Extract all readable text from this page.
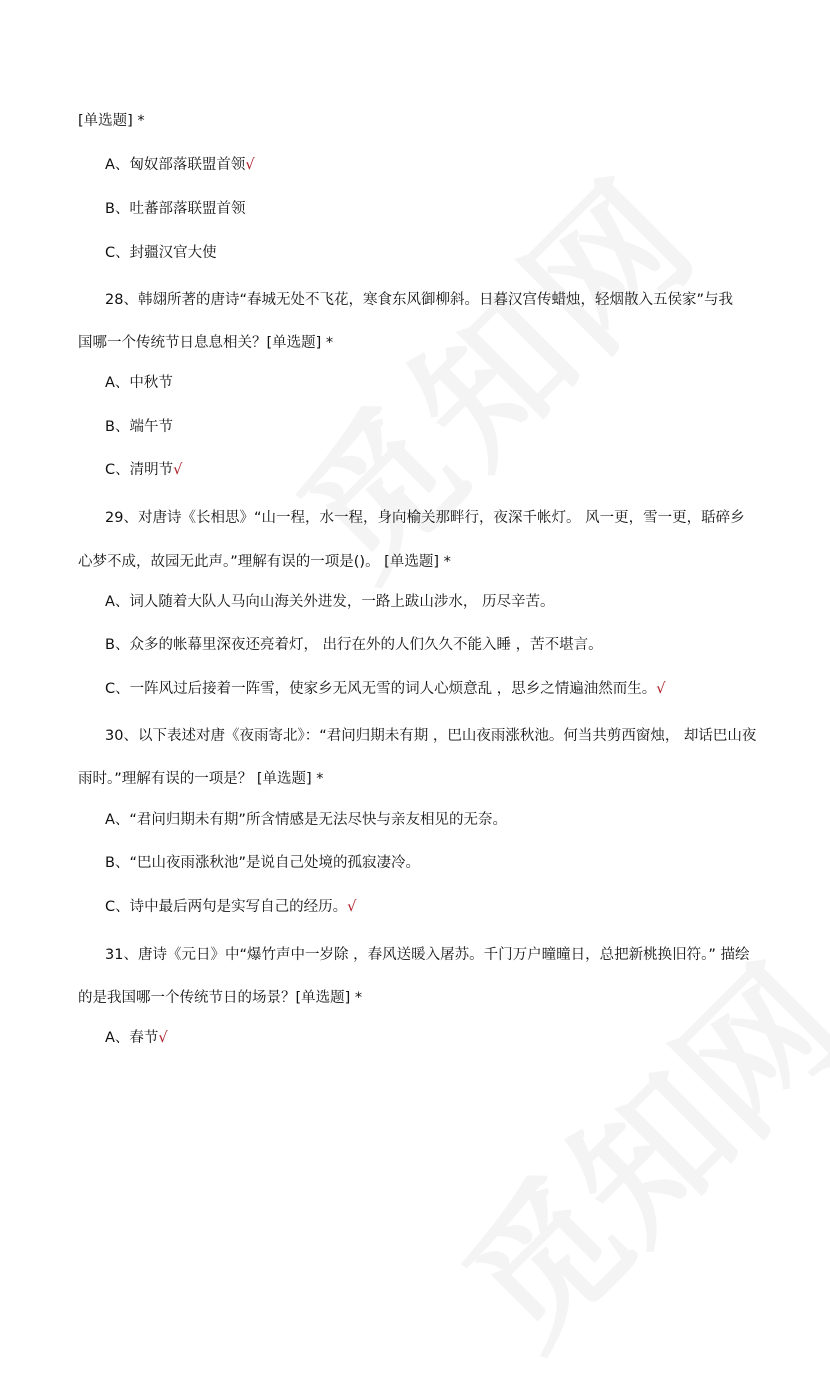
[单选题] *
A、匈奴部落联盟首领√
B、吐蕃部落联盟首领
C、封疆汉官大使
28、韩翃所著的唐诗“春城无处不飞花，寒食东风御柳斜。日暮汉宫传蜡烛，轻烟散入五侯家”与我
国哪一个传统节日息息相关？[单选题] *
A、中秋节
B、端午节
C、清明节√
29、对唐诗《长相思》“山一程，水一程，身向榆关那畔行，夜深千帐灯。 风一更，雪一更，聒碎乡
心梦不成，故园无此声。”理解有误的一项是()。 [单选题] *
A、词人随着大队人马向山海关外进发，一路上跋山涉水， 历尽辛苦。
B、众多的帐幕里深夜还亮着灯， 出行在外的人们久久不能入睡 ，苦不堪言。
C、一阵风过后接着一阵雪，使家乡无风无雪的词人心烦意乱 ，思乡之情遍油然而生。√
30、以下表述对唐《夜雨寄北》：“君问归期未有期 ，巴山夜雨涨秋池。何当共剪西窗烛， 却话巴山夜
雨时。”理解有误的一项是？ [单选题] *
A、“君问归期未有期”所含情感是无法尽快与亲友相见的无奈。
B、“巴山夜雨涨秋池”是说自己处境的孤寂凄冷。
C、诗中最后两句是实写自己的经历。√
31、唐诗《元日》中“爆竹声中一岁除 ，春风送暖入屠苏。千门万户曈曈日，总把新桃换旧符。” 描绘
的是我国哪一个传统节日的场景？[单选题] *
A、春节√
